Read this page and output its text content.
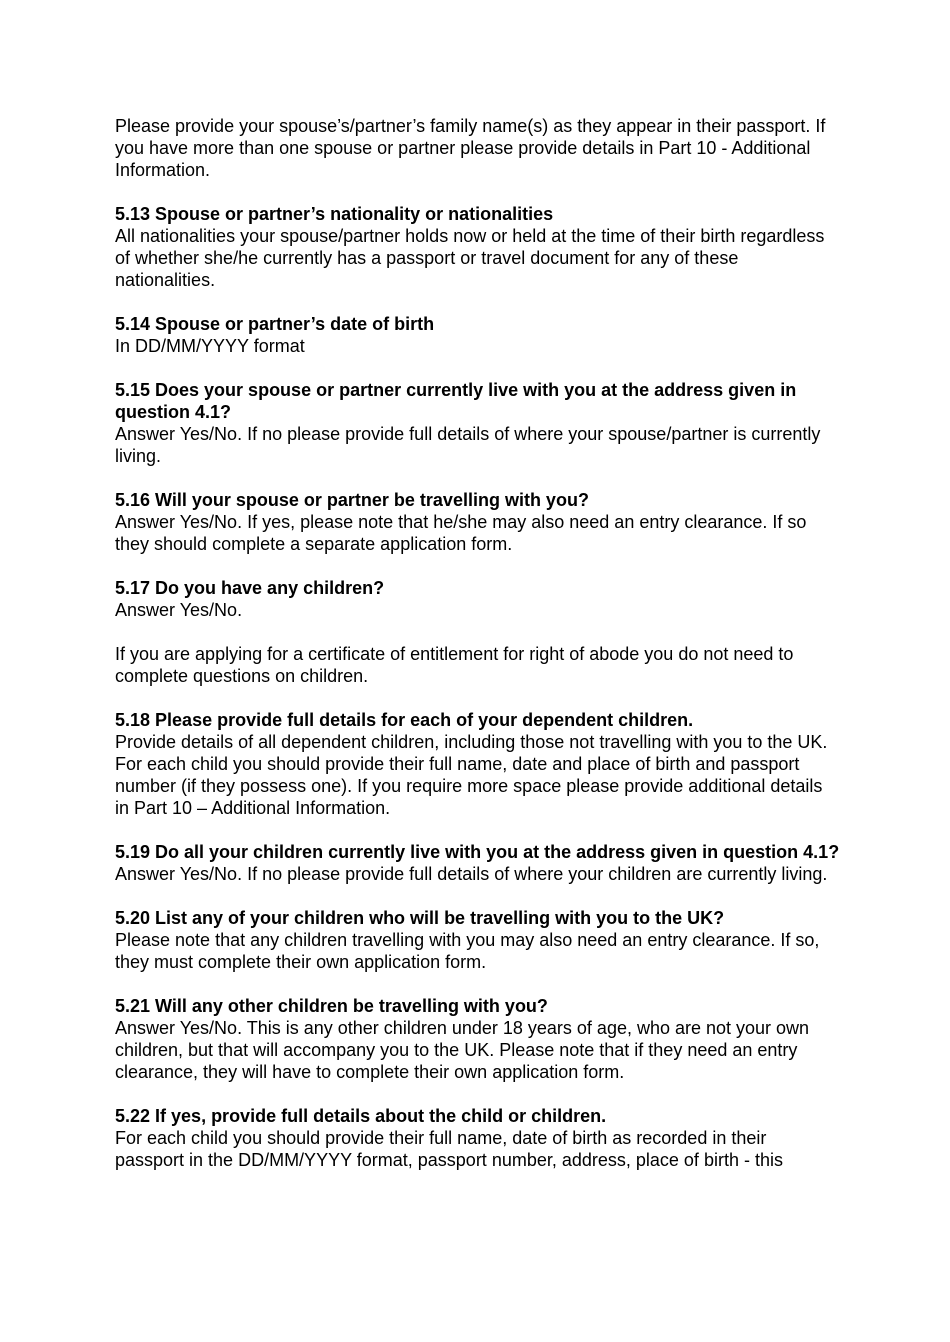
Please provide your spouse’s/partner’s family name(s) as they appear in their passport. If you have more than one spouse or partner please provide details in Part 10 - Additional Information.

5.13 Spouse or partner’s nationality or nationalities
All nationalities your spouse/partner holds now or held at the time of their birth regardless of whether she/he currently has a passport or travel document for any of these nationalities.
5.14 Spouse or partner’s date of birth
In DD/MM/YYYY format
5.15 Does your spouse or partner currently live with you at the address given in question 4.1?
Answer Yes/No. If no please provide full details of where your spouse/partner is currently living.
5.16 Will your spouse or partner be travelling with you?
Answer Yes/No. If yes, please note that he/she may also need an entry clearance. If so they should complete a separate application form.
5.17 Do you have any children?
Answer Yes/No.
If you are applying for a certificate of entitlement for right of abode you do not need to complete questions on children.
5.18 Please provide full details for each of your dependent children.
Provide details of all dependent children, including those not travelling with you to the UK. For each child you should provide their full name, date and place of birth and passport number (if they possess one). If you require more space please provide additional details in Part 10 – Additional Information.
5.19 Do all your children currently live with you at the address given in question 4.1?
Answer Yes/No. If no please provide full details of where your children are currently living.
5.20 List any of your children who will be travelling with you to the UK?
Please note that any children travelling with you may also need an entry clearance. If so, they must complete their own application form.
5.21 Will any other children be travelling with you?
Answer Yes/No. This is any other children under 18 years of age, who are not your own children, but that will accompany you to the UK. Please note that if they need an entry clearance, they will have to complete their own application form.
5.22 If yes, provide full details about the child or children.
For each child you should provide their full name, date of birth as recorded in their passport in the DD/MM/YYYY format, passport number, address, place of birth - this
